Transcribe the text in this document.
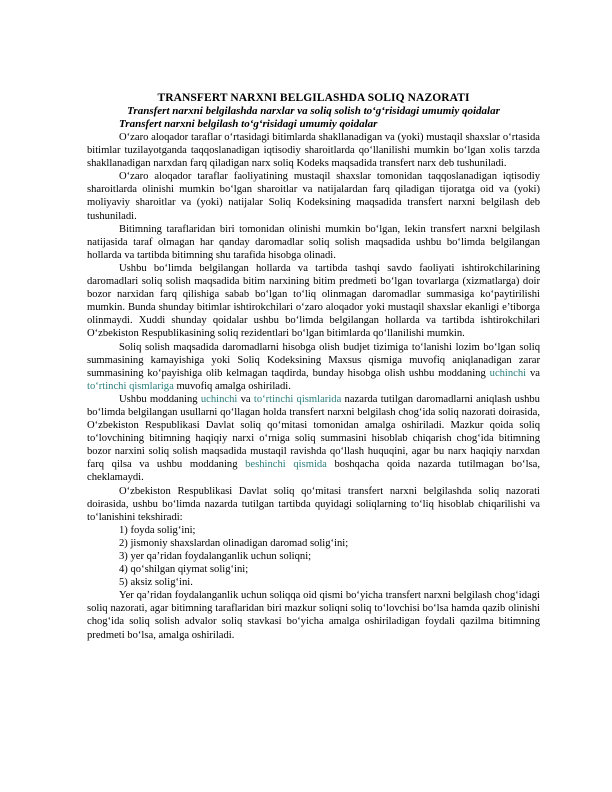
TRANSFERT NARXNI BELGILASHDA SOLIQ NAZORATI

Transfert narxni belgilashda narxlar va soliq solish to‘g‘risidagi umumiy qoidalar

Transfert narxni belgilash to‘g‘risidagi umumiy qoidalar

O‘zaro aloqador taraflar o‘rtasidagi bitimlarda shakllanadigan va (yoki) mustaqil shaxslar o‘rtasida bitimlar tuzilayotganda taqqoslanadigan iqtisodiy sharoitlarda qo‘llanilishi mumkin bo‘lgan xolis tarzda shakllanadigan narxdan farq qiladigan narx soliq Kodeks maqsadida transfert narx deb tushuniladi.

O‘zaro aloqador taraflar faoliyatining mustaqil shaxslar tomonidan taqqoslanadigan iqtisodiy sharoitlarda olinishi mumkin bo‘lgan sharoitlar va natijalardan farq qiladigan tijoratga oid va (yoki) moliyaviy sharoitlar va (yoki) natijalar Soliq Kodeksining maqsadida transfert narxni belgilash deb tushuniladi.

Bitimning taraflaridan biri tomonidan olinishi mumkin bo‘lgan, lekin transfert narxni belgilash natijasida taraf olmagan har qanday daromadlar soliq solish maqsadida ushbu bo‘limda belgilangan hollarda va tartibda bitimning shu tarafida hisobga olinadi.

Ushbu bo‘limda belgilangan hollarda va tartibda tashqi savdo faoliyati ishtirokchilarining daromadlari soliq solish maqsadida bitim narxining bitim predmeti bo‘lgan tovarlarga (xizmatlarga) doir bozor narxidan farq qilishiga sabab bo‘lgan to‘liq olinmagan daromadlar summasiga ko‘paytirilishi mumkin. Bunda shunday bitimlar ishtirokchilari o‘zaro aloqador yoki mustaqil shaxslar ekanligi e’tiborga olinmaydi. Xuddi shunday qoidalar ushbu bo‘limda belgilangan hollarda va tartibda ishtirokchilari O‘zbekiston Respublikasining soliq rezidentlari bo‘lgan bitimlarda qo‘llanilishi mumkin.

Soliq solish maqsadida daromadlarni hisobga olish budjet tizimiga to‘lanishi lozim bo‘lgan soliq summasining kamayishiga yoki Soliq Kodeksining Maxsus qismiga muvofiq aniqlanadigan zarar summasining ko‘payishiga olib kelmagan taqdirda, bunday hisobga olish ushbu moddaning uchinchi va to‘rtinchi qismlariga muvofiq amalga oshiriladi.

Ushbu moddaning uchinchi va to‘rtinchi qismlarida nazarda tutilgan daromadlarni aniqlash ushbu bo‘limda belgilangan usullarni qo‘llagan holda transfert narxni belgilash chog‘ida soliq nazorati doirasida, O‘zbekiston Respublikasi Davlat soliq qo‘mitasi tomonidan amalga oshiriladi. Mazkur qoida soliq to‘lovchining bitimning haqiqiy narxi o‘rniga soliq summasini hisoblab chiqarish chog‘ida bitimning bozor narxini soliq solish maqsadida mustaqil ravishda qo‘llash huquqini, agar bu narx haqiqiy narxdan farq qilsa va ushbu moddaning beshinchi qismida boshqacha qoida nazarda tutilmagan bo‘lsa, cheklamaydi.

O‘zbekiston Respublikasi Davlat soliq qo‘mitasi transfert narxni belgilashda soliq nazorati doirasida, ushbu bo‘limda nazarda tutilgan tartibda quyidagi soliqlarning to‘liq hisoblab chiqarilishi va to‘lanishini tekshiradi:

1) foyda solig‘ini;

2) jismoniy shaxslardan olinadigan daromad solig‘ini;

3) yer qa’ridan foydalanganlik uchun soliqni;

4) qo‘shilgan qiymat solig‘ini;

5) aksiz solig‘ini.

Yer qa’ridan foydalanganlik uchun soliqqa oid qismi bo‘yicha transfert narxni belgilash chog‘idagi soliq nazorati, agar bitimning taraflaridan biri mazkur soliqni soliq to‘lovchisi bo‘lsa hamda qazib olinishi chog‘ida soliq solish advalor soliq stavkasi bo‘yicha amalga oshiriladigan foydali qazilma bitimning predmeti bo‘lsa, amalga oshiriladi.
